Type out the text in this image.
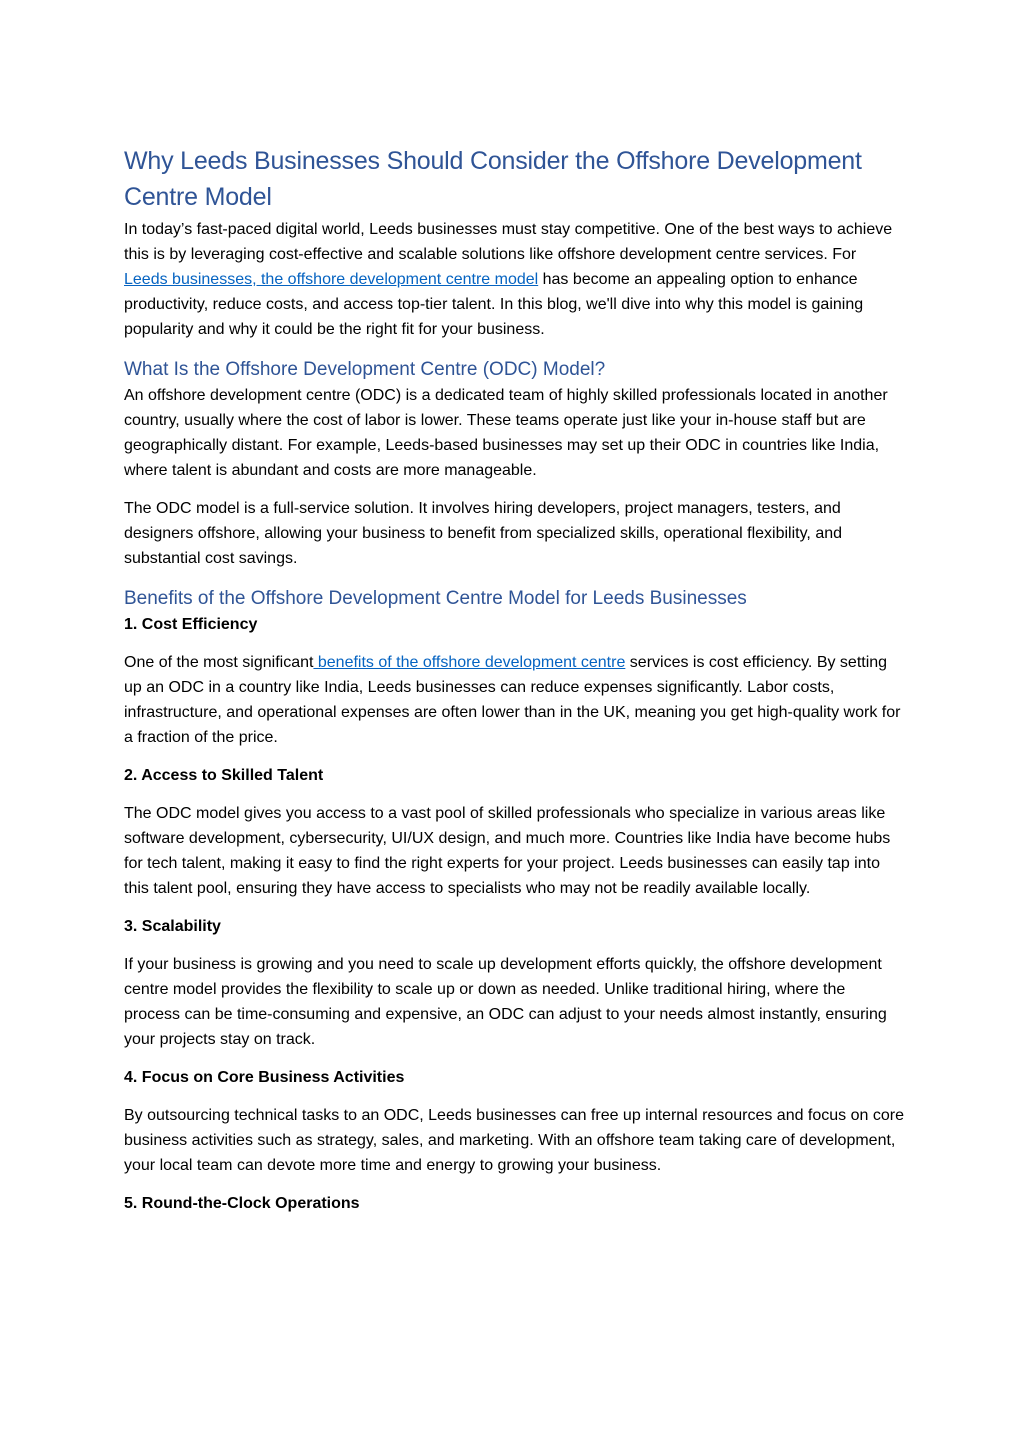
Why Leeds Businesses Should Consider the Offshore Development Centre Model

In today’s fast-paced digital world, Leeds businesses must stay competitive. One of the best ways to achieve this is by leveraging cost-effective and scalable solutions like offshore development centre services. For Leeds businesses, the offshore development centre model has become an appealing option to enhance productivity, reduce costs, and access top-tier talent. In this blog, we'll dive into why this model is gaining popularity and why it could be the right fit for your business.

What Is the Offshore Development Centre (ODC) Model?

An offshore development centre (ODC) is a dedicated team of highly skilled professionals located in another country, usually where the cost of labor is lower. These teams operate just like your in-house staff but are geographically distant. For example, Leeds-based businesses may set up their ODC in countries like India, where talent is abundant and costs are more manageable.

The ODC model is a full-service solution. It involves hiring developers, project managers, testers, and designers offshore, allowing your business to benefit from specialized skills, operational flexibility, and substantial cost savings.

Benefits of the Offshore Development Centre Model for Leeds Businesses
1. Cost Efficiency

One of the most significant benefits of the offshore development centre services is cost efficiency. By setting up an ODC in a country like India, Leeds businesses can reduce expenses significantly. Labor costs, infrastructure, and operational expenses are often lower than in the UK, meaning you get high-quality work for a fraction of the price.

2. Access to Skilled Talent

The ODC model gives you access to a vast pool of skilled professionals who specialize in various areas like software development, cybersecurity, UI/UX design, and much more. Countries like India have become hubs for tech talent, making it easy to find the right experts for your project. Leeds businesses can easily tap into this talent pool, ensuring they have access to specialists who may not be readily available locally.

3. Scalability

If your business is growing and you need to scale up development efforts quickly, the offshore development centre model provides the flexibility to scale up or down as needed. Unlike traditional hiring, where the process can be time-consuming and expensive, an ODC can adjust to your needs almost instantly, ensuring your projects stay on track.

4. Focus on Core Business Activities

By outsourcing technical tasks to an ODC, Leeds businesses can free up internal resources and focus on core business activities such as strategy, sales, and marketing. With an offshore team taking care of development, your local team can devote more time and energy to growing your business.

5. Round-the-Clock Operations
